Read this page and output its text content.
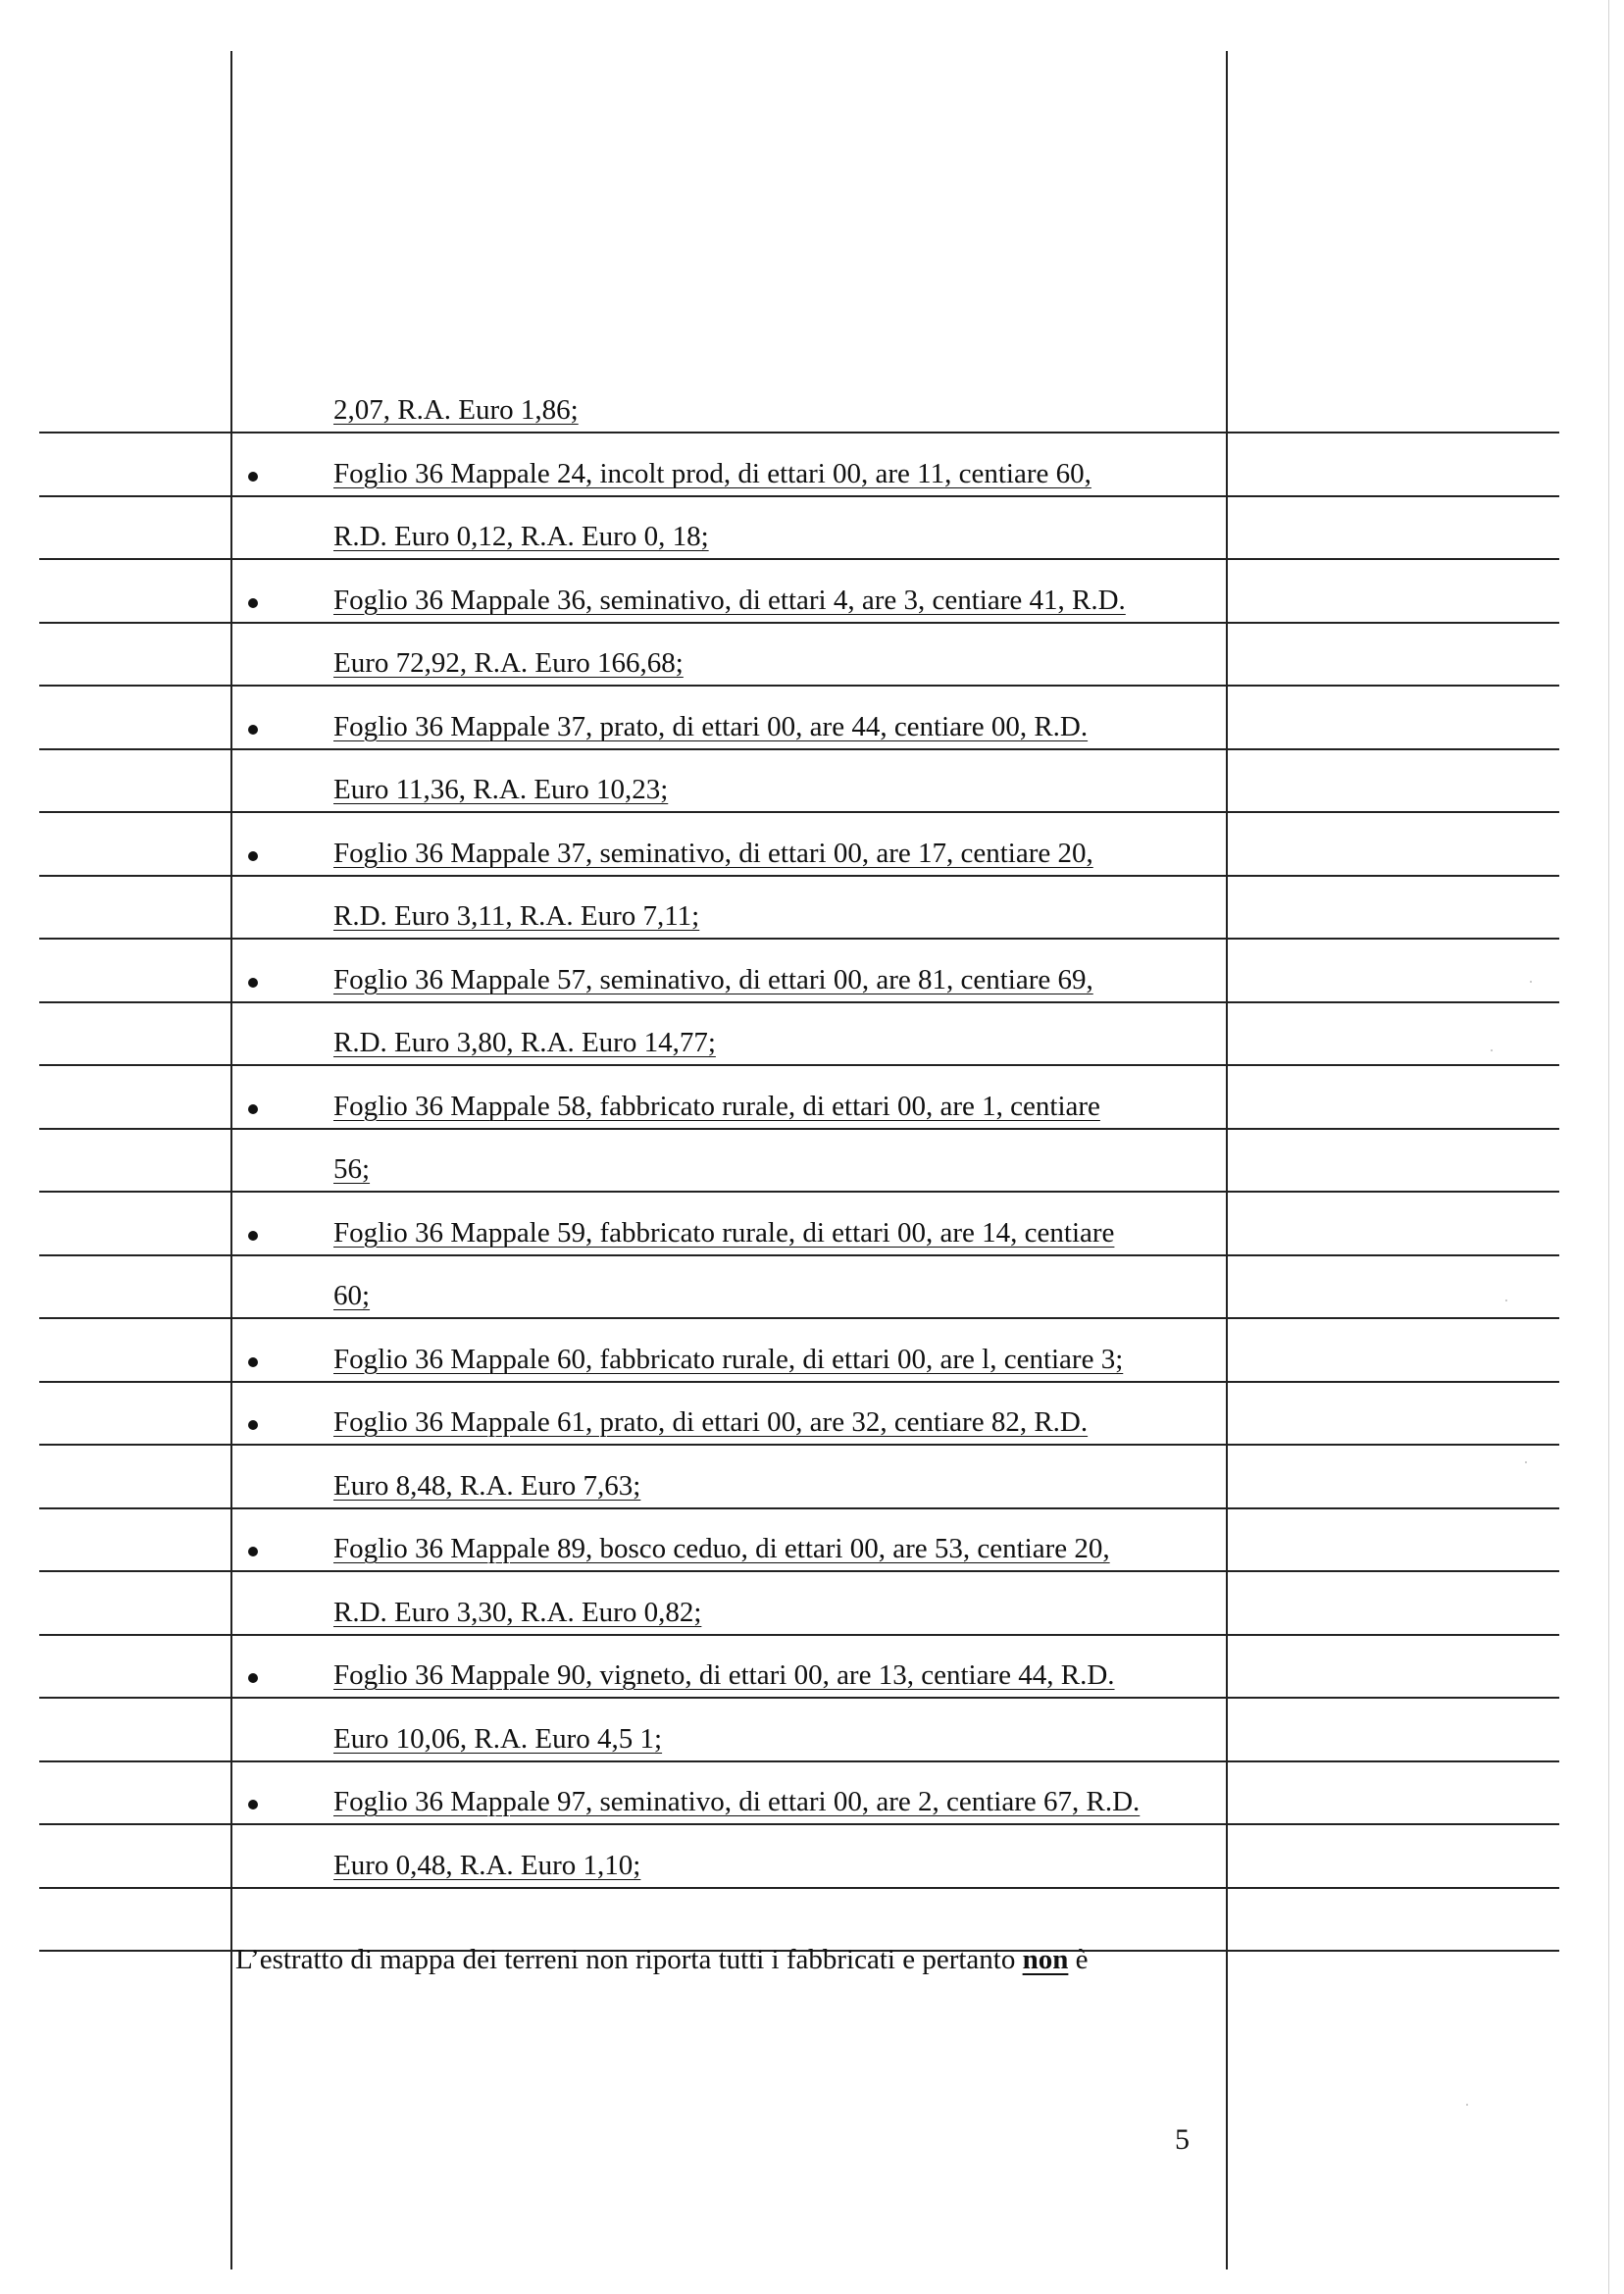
2,07, R.A. Euro 1,86;
Foglio 36 Mappale 24, incolt prod, di ettari 00, are 11, centiare 60,
R.D. Euro 0,12, R.A. Euro 0, 18;
Foglio 36 Mappale 36, seminativo, di ettari 4, are 3, centiare 41, R.D.
Euro 72,92, R.A. Euro 166,68;
Foglio 36 Mappale 37, prato, di ettari 00, are 44, centiare 00, R.D.
Euro 11,36, R.A. Euro 10,23;
Foglio 36 Mappale 37, seminativo, di ettari 00, are 17, centiare 20,
R.D. Euro 3,11, R.A. Euro 7,11;
Foglio 36 Mappale 57, seminativo, di ettari 00, are 81, centiare 69,
R.D. Euro 3,80, R.A. Euro 14,77;
Foglio 36 Mappale 58, fabbricato rurale, di ettari 00, are 1, centiare
56;
Foglio 36 Mappale 59, fabbricato rurale, di ettari 00, are 14, centiare
60;
Foglio 36 Mappale 60, fabbricato rurale, di ettari 00, are l, centiare 3;
Foglio 36 Mappale 61, prato, di ettari 00, are 32, centiare 82, R.D.
Euro 8,48, R.A. Euro 7,63;
Foglio 36 Mappale 89, bosco ceduo, di ettari 00, are 53, centiare 20,
R.D. Euro 3,30, R.A. Euro 0,82;
Foglio 36 Mappale 90, vigneto, di ettari 00, are 13, centiare 44, R.D.
Euro 10,06, R.A. Euro 4,5 1;
Foglio 36 Mappale 97, seminativo, di ettari 00, are 2, centiare 67, R.D.
Euro 0,48, R.A. Euro 1,10;
L’estratto di mappa dei terreni non riporta tutti i fabbricati e pertanto non è
5
